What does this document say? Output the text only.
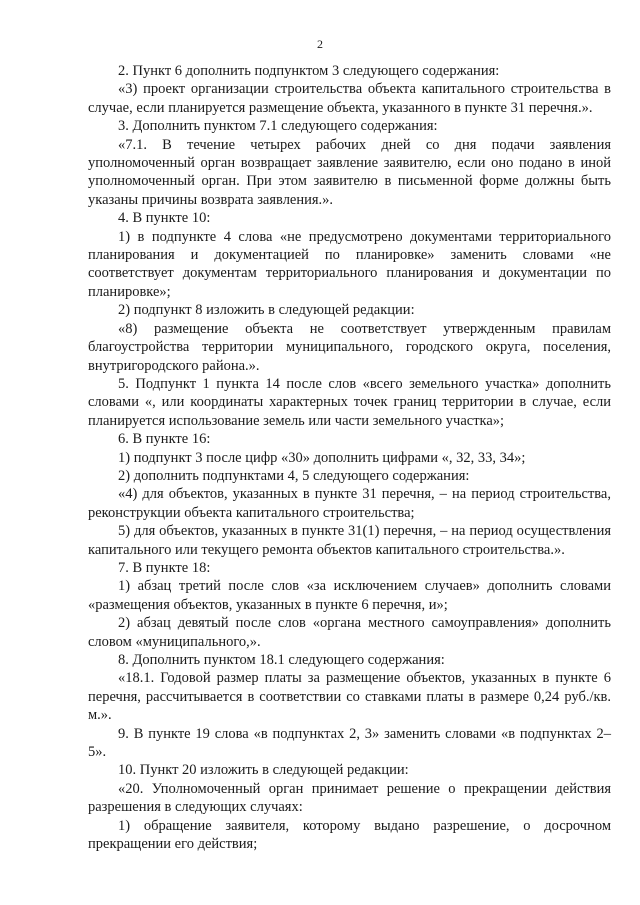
2

2. Пункт 6 дополнить подпунктом 3 следующего содержания:

«3) проект организации строительства объекта капитального строительства в случае, если планируется размещение объекта, указанного в пункте 31 перечня.».

3. Дополнить пунктом 7.1 следующего содержания:

«7.1. В течение четырех рабочих дней со дня подачи заявления уполномоченный орган возвращает заявление заявителю, если оно подано в иной уполномоченный орган. При этом заявителю в письменной форме должны быть указаны причины возврата заявления.».

4. В пункте 10:

1) в подпункте 4 слова «не предусмотрено документами территориального планирования и документацией по планировке» заменить словами «не соответствует документам территориального планирования и документации по планировке»;

2) подпункт 8 изложить в следующей редакции:

«8) размещение объекта не соответствует утвержденным правилам благоустройства территории муниципального, городского округа, поселения, внутригородского района.».

5. Подпункт 1 пункта 14 после слов «всего земельного участка» дополнить словами «, или координаты характерных точек границ территории в случае, если планируется использование земель или части земельного участка»;

6. В пункте 16:

1) подпункт 3 после цифр «30» дополнить цифрами «, 32, 33, 34»;

2) дополнить подпунктами 4, 5 следующего содержания:

«4) для объектов, указанных в пункте 31 перечня, – на период строительства, реконструкции объекта капитального строительства;

5) для объектов, указанных в пункте 31(1) перечня, – на период осуществления капитального или текущего ремонта объектов капитального строительства.».

7. В пункте 18:

1) абзац третий после слов «за исключением случаев» дополнить словами «размещения объектов, указанных в пункте 6 перечня, и»;

2) абзац девятый после слов «органа местного самоуправления» дополнить словом «муниципального,».

8. Дополнить пунктом 18.1 следующего содержания:

«18.1. Годовой размер платы за размещение объектов, указанных в пункте 6 перечня, рассчитывается в соответствии со ставками платы в размере 0,24 руб./кв. м.».

9. В пункте 19 слова «в подпунктах 2, 3» заменить словами «в подпунктах 2–5».

10. Пункт 20 изложить в следующей редакции:

«20. Уполномоченный орган принимает решение о прекращении действия разрешения в следующих случаях:

1) обращение заявителя, которому выдано разрешение, о досрочном прекращении его действия;
